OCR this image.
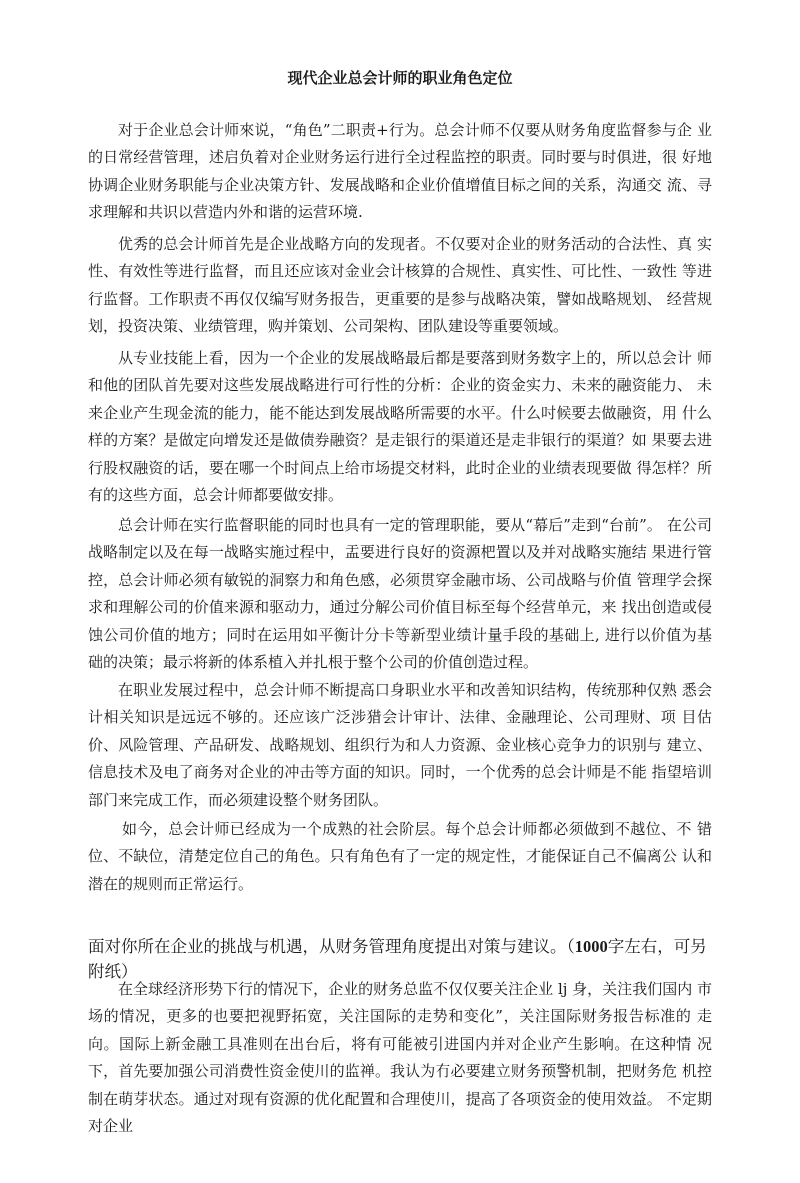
现代企业总会计师的职业角色定位

对于企业总会计师來说，“角色”二职责+行为。总会计师不仅要从财务角度监督参与企 业的日常经营管理，述启负着对企业财务运行进行全过程监控的职责。同时要与时俱进，很 好地协调企业财务职能与企业决策方针、发展战略和企业价值增值目标之间的关系，沟通交 流、寻求理解和共识以营造内外和谐的运营环境.

优秀的总会计师首先是企业战略方向的发现者。不仅要对企业的财务活动的合法性、真 实性、有效性等进行监督，而且还应该对金业会计核算的合规性、真实性、可比性、一致性 等进行监督。工作职责不再仅仅编写财务报告，更重要的是参与战略决策，譬如战略规划、 经营规划，投资决策、业绩管理，购并策划、公司架构、团队建设等重要领域。

从专业技能上看，因为一个企业的发展战略最后都是要落到财务数字上的，所以总会计 师和他的团队首先要对这些发展战略进行可行性的分析：企业的资金实力、未来的融资能力、 未来企业产生现金流的能力，能不能达到发展战略所需要的水平。什么吋候要去做融资，用 什么样的方案？是做定向增发还是做债券融资？是走银行的渠道还是走非银行的渠道？如 果要去进行股权融资的话，要在哪一个时间点上给市场提交材料，此时企业的业绩表现要做 得怎样？所有的这些方面，总会计师都要做安排。

总会计师在实行监督职能的同时也具有一定的管理职能，要从“幕后”走到“台前”。 在公司战略制定以及在每一战略实施过程中，盂要进行良好的资源杷置以及并对战略实施结 果进行管控，总会计师必须有敏锐的洞察力和角色感，必须贯穿金融市场、公司战略与价值 管理学会探求和理解公司的价值来源和驱动力，通过分解公司价值目标至每个经营单元，来 找出创造或侵蚀公司价值的地方；同时在运用如平衡计分卡等新型业绩计量手段的基础上, 进行以价值为基础的决策；最示将新的体系植入并扎根于整个公司的价值创造过程。

在职业发展过程中，总会计师不断提高口身职业水平和改善知识结构，传统那种仅熟 悉会计相关知识是远远不够的。还应该广泛涉猎会计审计、法律、金融理论、公司理财、项 目估价、风险管理、产品研发、战略规划、组织行为和人力资源、金业核心竞争力的识别与 建立、信息技术及电了商务对企业的冲击等方面的知识。同时，一个优秀的总会计师是不能 指望培训部门来完成工作，而必须建设整个财务团队。

如今，总会计师已经成为一个成熟的社会阶层。每个总会计师都必须做到不越位、不 错位、不缺位，清楚定位自己的角色。只有角色有了一定的规定性，才能保证自己不偏离公 认和潜在的规则而正常运行。

面对你所在企业的挑战与机遇，从财务管理角度提出对策与建议。（1000字左右，可另附纸）

在全球经济形势下行的情况下，企业的财务总监不仅仅要关注企业 lj 身，关注我们国内 市场的情况，更多的也要把视野拓宽，关注国际的走势和变化”，关注国际财务报告标准的 走向。国际上新金融工具准则在出台后，将有可能被引进国内并对企业产生影响。在这种情 况下，首先要加强公司消费性资金使川的监禅。我认为冇必要建立财务预警机制，把财务危 机控制在萌芽状态。通过对现有资源的优化配置和合理使川，提高了各项资金的使用效益。 不定期对企业
